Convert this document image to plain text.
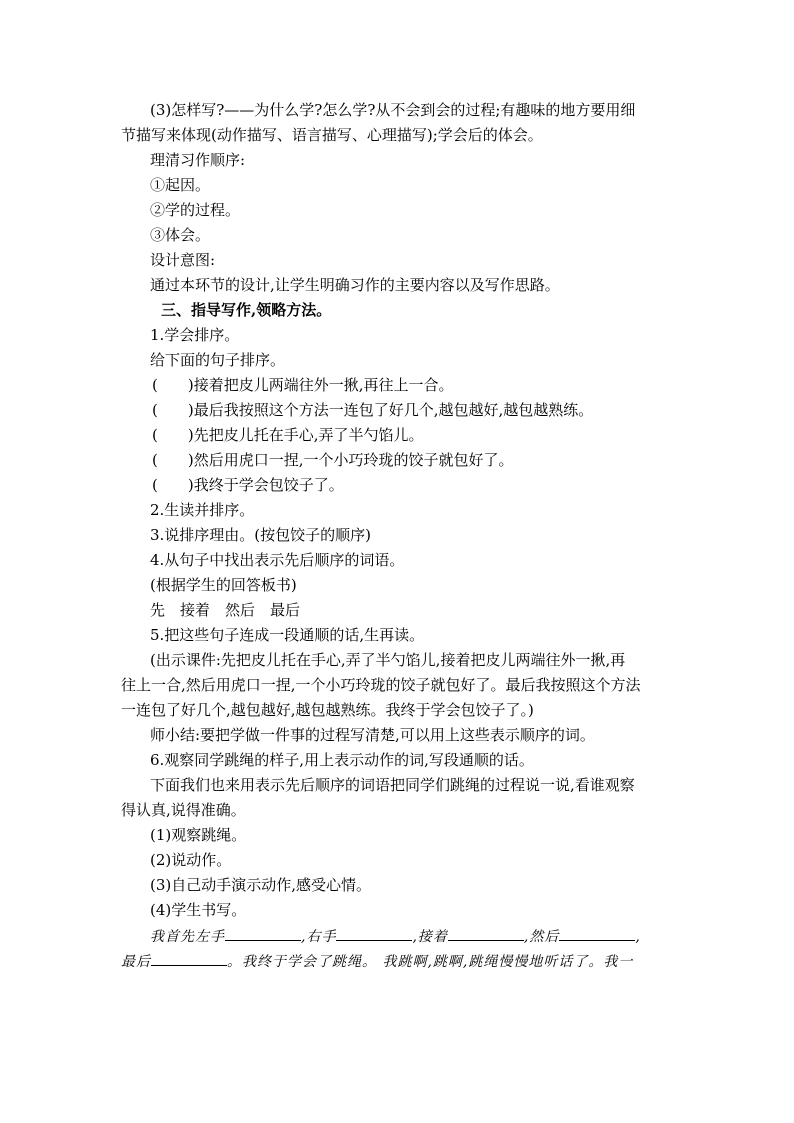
(3)怎样写?——为什么学?怎么学?从不会到会的过程;有趣味的地方要用细
节描写来体现(动作描写、语言描写、心理描写);学会后的体会。
理清习作顺序:
①起因。
②学的过程。
③体会。
设计意图:
通过本环节的设计,让学生明确习作的主要内容以及写作思路。
三、指导写作,领略方法。
1.学会排序。
给下面的句子排序。
(　　)接着把皮儿两端往外一揪,再往上一合。
(　　)最后我按照这个方法一连包了好几个,越包越好,越包越熟练。
(　　)先把皮儿托在手心,弄了半勺馅儿。
(　　)然后用虎口一捏,一个小巧玲珑的饺子就包好了。
(　　)我终于学会包饺子了。
2.生读并排序。
3.说排序理由。(按包饺子的顺序)
4.从句子中找出表示先后顺序的词语。
(根据学生的回答板书)
先　接着　然后　最后
5.把这些句子连成一段通顺的话,生再读。
(出示课件:先把皮儿托在手心,弄了半勺馅儿,接着把皮儿两端往外一揪,再
往上一合,然后用虎口一捏,一个小巧玲珑的饺子就包好了。最后我按照这个方法
一连包了好几个,越包越好,越包越熟练。我终于学会包饺子了。)
师小结:要把学做一件事的过程写清楚,可以用上这些表示顺序的词。
6.观察同学跳绳的样子,用上表示动作的词,写段通顺的话。
下面我们也来用表示先后顺序的词语把同学们跳绳的过程说一说,看谁观察
得认真,说得准确。
(1)观察跳绳。
(2)说动作。
(3)自己动手演示动作,感受心情。
(4)学生书写。
我首先左手	,右手	,接着	,然后	,
最后	。我终于学会了跳绳。 我跳啊,跳啊,跳绳慢慢地听话了。我一
